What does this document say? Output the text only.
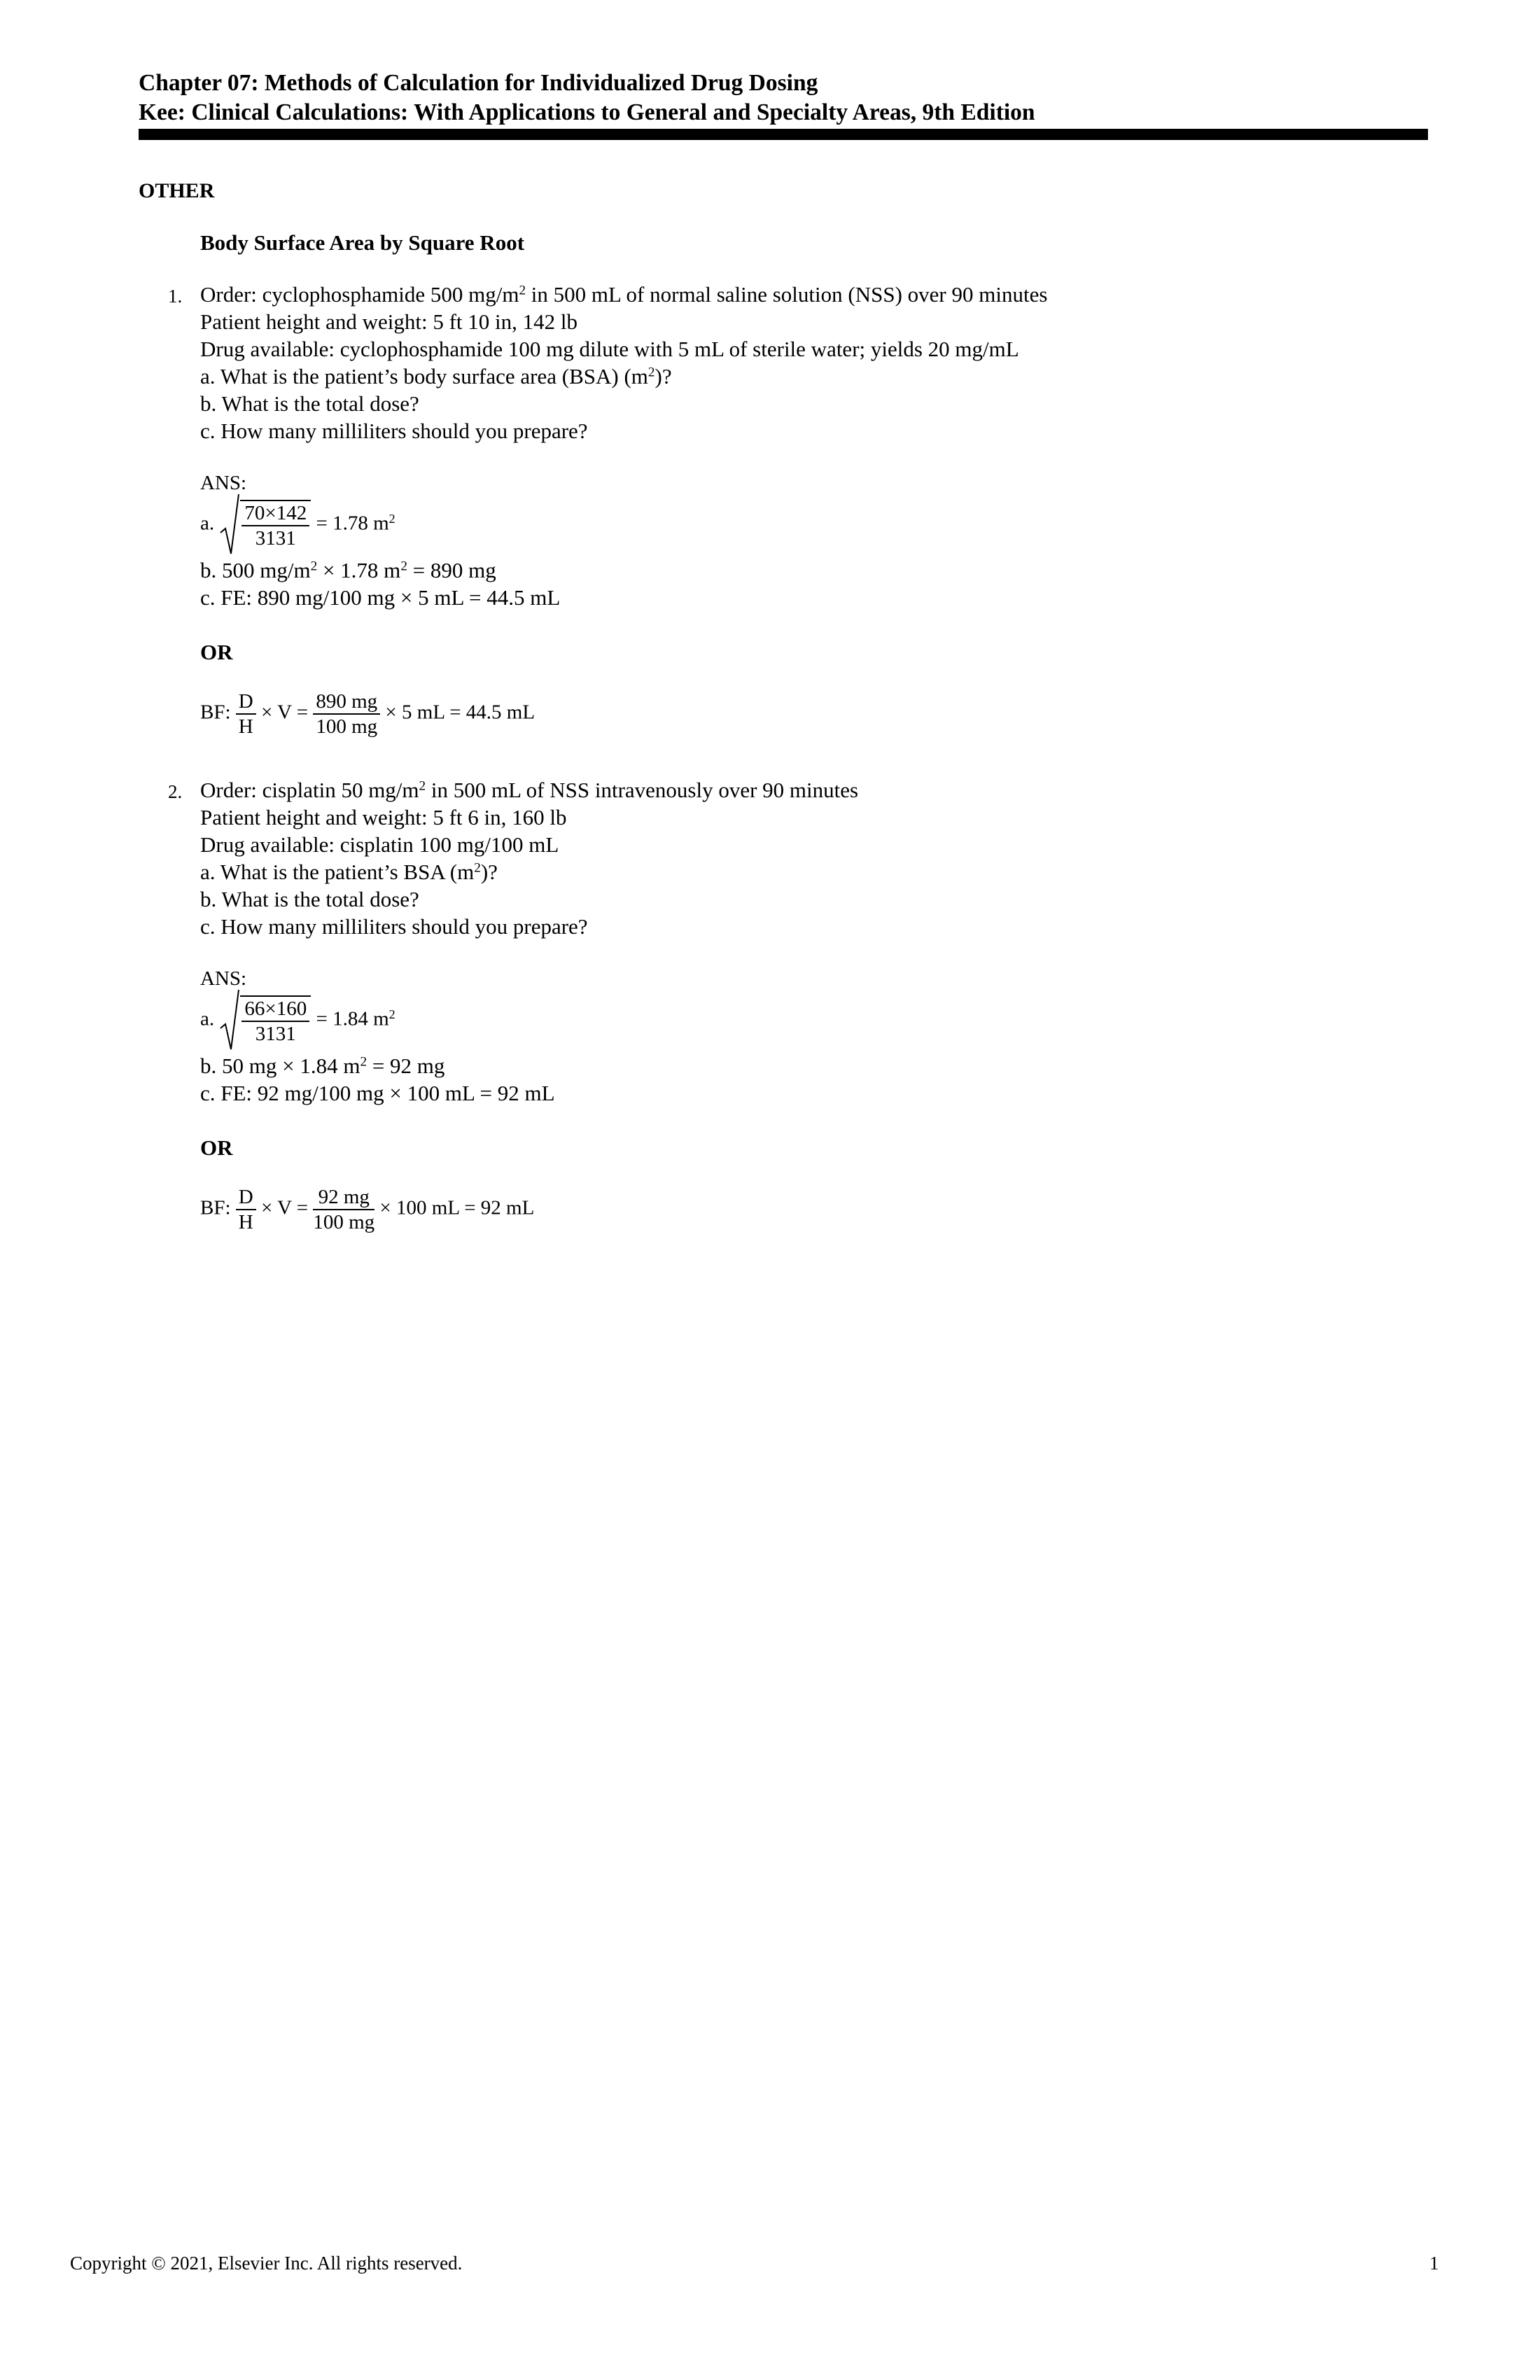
Chapter 07: Methods of Calculation for Individualized Drug Dosing
Kee: Clinical Calculations: With Applications to General and Specialty Areas, 9th Edition
OTHER
Body Surface Area by Square Root
1. Order: cyclophosphamide 500 $mg/m^2$ in 500 mL of normal saline solution (NSS) over 90 minutes
Patient height and weight: 5 ft 10 in, 142 lb
Drug available: cyclophosphamide 100 mg dilute with 5 mL of sterile water; yields 20 mg/mL
a. What is the patient’s body surface area (BSA) $(m^2)$?
b. What is the total dose?
c. How many milliliters should you prepare?
ANS:
a. $\frac{70\times 142}{3131} = 1.78$ $m^2$
b. 500 $mg/m^2 \times 1.78$ $m^2 = 890$ mg
c. FE: 890 mg/100 mg × 5 mL = 44.5 mL
OR
BF: $\frac{D}{H} \times V = \frac{890 mg}{100 mg} \times 5$ mL = 44.5 mL
2. Order: cisplatin 50 $mg/m^2$ in 500 mL of NSS intravenously over 90 minutes
Patient height and weight: 5 ft 6 in, 160 lb
Drug available: cisplatin 100 mg/100 mL
a. What is the patient’s BSA $(m^2)$?
b. What is the total dose?
c. How many milliliters should you prepare?
ANS:
a. $\frac{66\times 160}{3131} = 1.84$ $m^2$
b. 50 mg × 1.84 $m^2 = 92$ mg
c. FE: 92 mg/100 mg × 100 mL = 92 mL
OR
BF: $\frac{D}{H} \times V = \frac{92 mg}{100 mg} \times 100$ mL = 92 mL
Copyright © 2021, Elsevier Inc. All rights reserved.	1
